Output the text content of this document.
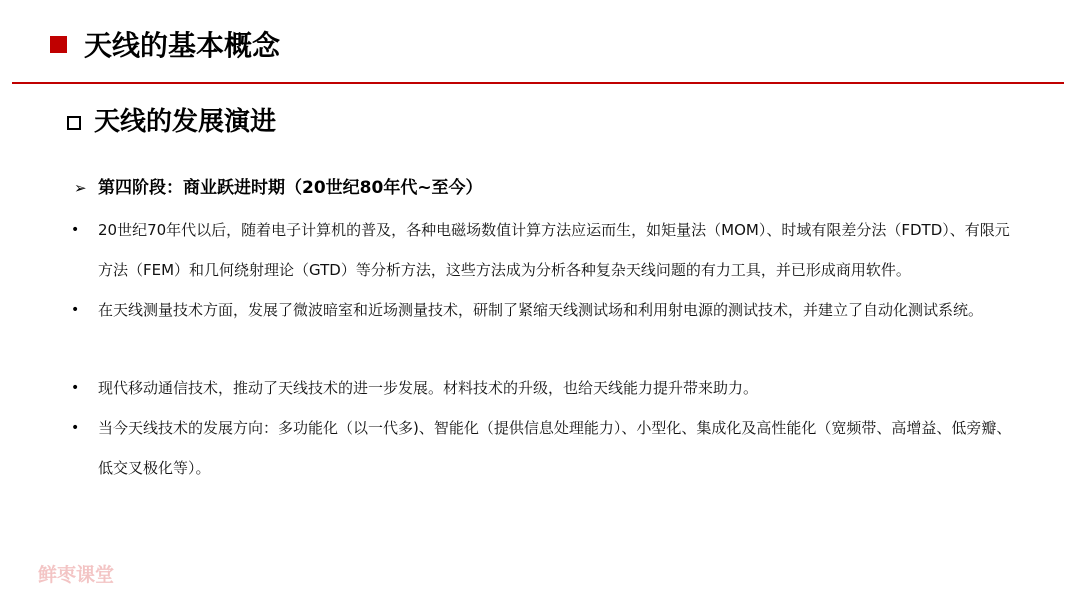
天线的基本概念
天线的发展演进
➢ 第四阶段：商业跃进时期（20世纪80年代~至今）
• 20世纪70年代以后，随着电子计算机的普及，各种电磁场数值计算方法应运而生，如矩量法（MOM）、时域有限差分法（FDTD）、有限元方法（FEM）和几何绕射理论（GTD）等分析方法，这些方法成为分析各种复杂天线问题的有力工具，并已形成商用软件。
• 在天线测量技术方面，发展了微波暗室和近场测量技术，研制了紧缩天线测试场和利用射电源的测试技术，并建立了自动化测试系统。
• 现代移动通信技术，推动了天线技术的进一步发展。材料技术的升级，也给天线能力提升带来助力。
• 当今天线技术的发展方向：多功能化（以一代多)、智能化（提供信息处理能力）、小型化、集成化及高性能化（宽频带、高增益、低旁瓣、低交叉极化等）。
鲜枣课堂
